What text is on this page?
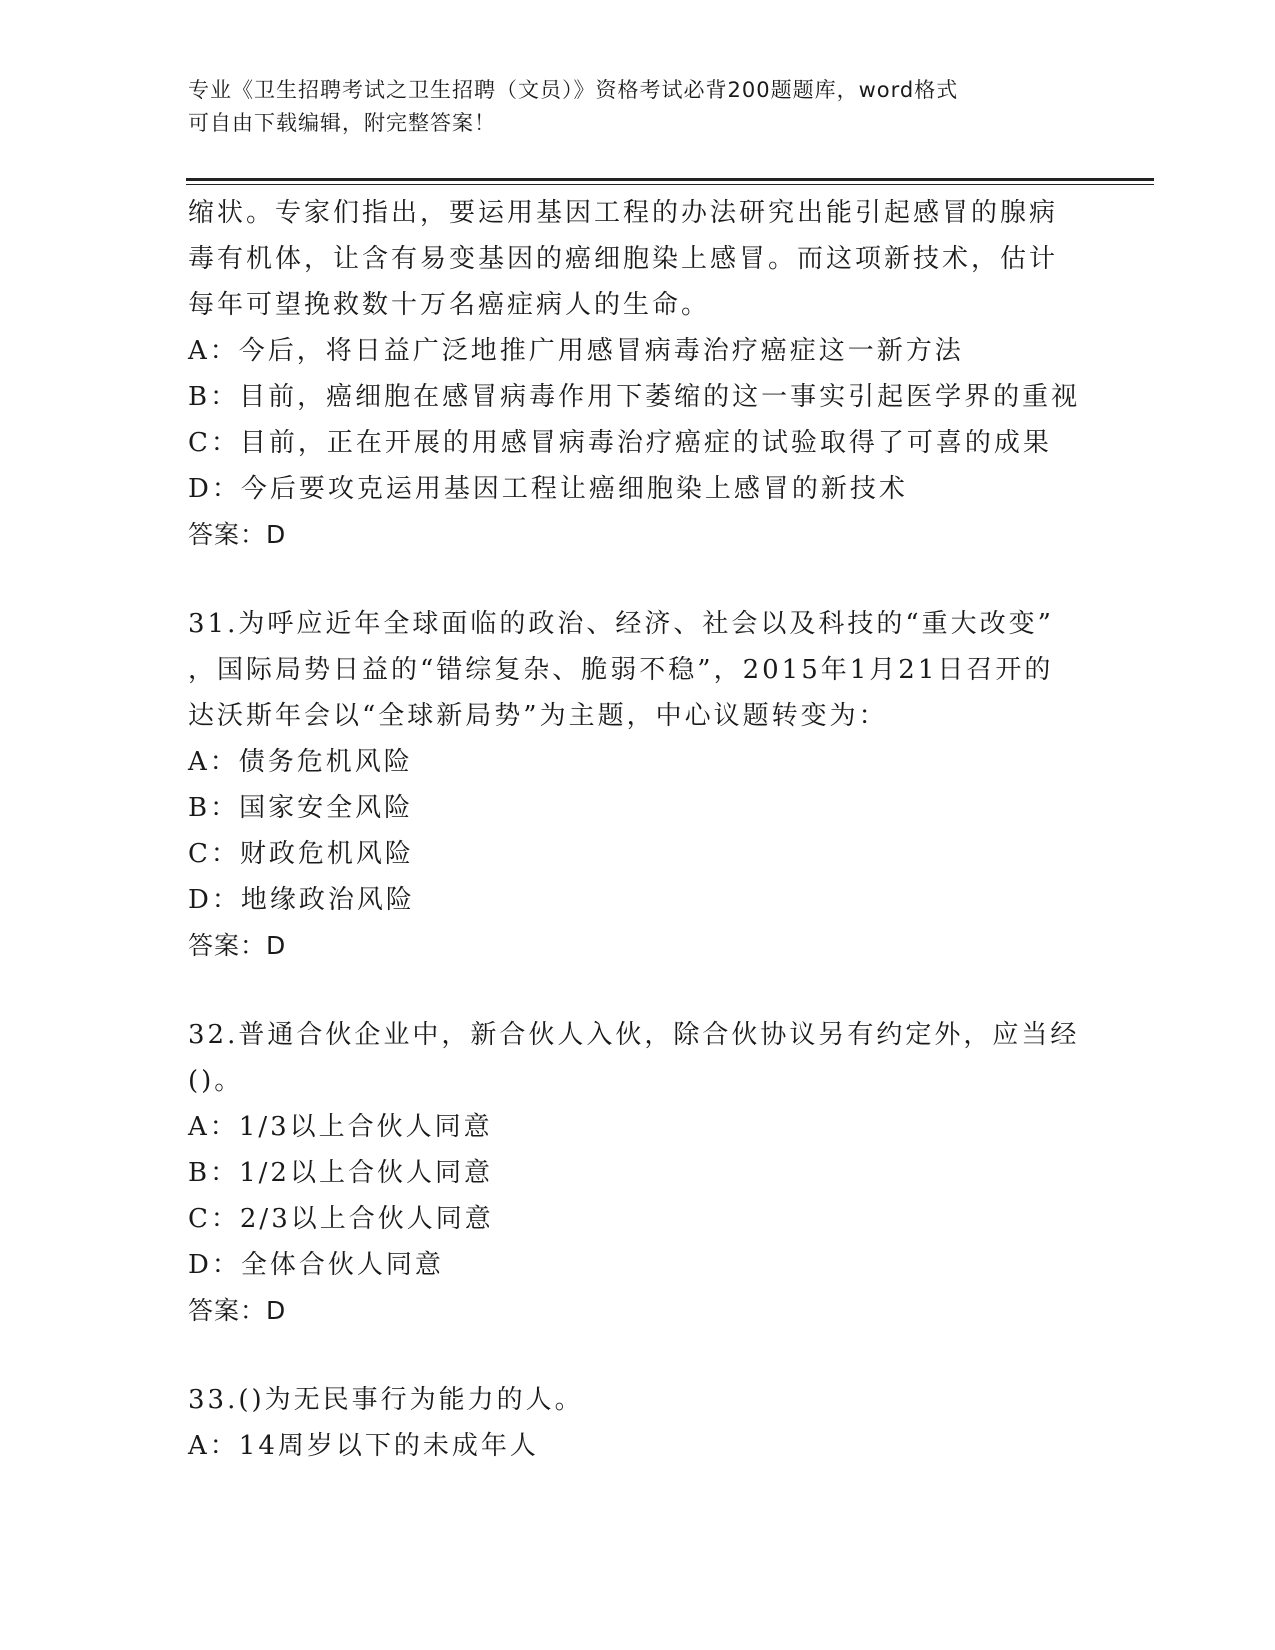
专业《卫生招聘考试之卫生招聘（文员）》资格考试必背200题题库，word格式
可自由下载编辑，附完整答案！
缩状。专家们指出，要运用基因工程的办法研究出能引起感冒的腺病
毒有机体，让含有易变基因的癌细胞染上感冒。而这项新技术，估计
每年可望挽救数十万名癌症病人的生命。
A：今后，将日益广泛地推广用感冒病毒治疗癌症这一新方法
B：目前，癌细胞在感冒病毒作用下萎缩的这一事实引起医学界的重视
C：目前，正在开展的用感冒病毒治疗癌症的试验取得了可喜的成果
D：今后要攻克运用基因工程让癌细胞染上感冒的新技术
答案：D
31.为呼应近年全球面临的政治、经济、社会以及科技的“重大改变”
，国际局势日益的“错综复杂、脆弱不稳”，2015年1月21日召开的
达沃斯年会以“全球新局势”为主题，中心议题转变为：
A：债务危机风险
B：国家安全风险
C：财政危机风险
D：地缘政治风险
答案：D
32.普通合伙企业中，新合伙人入伙，除合伙协议另有约定外，应当经
()。
A：1/3以上合伙人同意
B：1/2以上合伙人同意
C：2/3以上合伙人同意
D：全体合伙人同意
答案：D
33.()为无民事行为能力的人。
A：14周岁以下的未成年人
